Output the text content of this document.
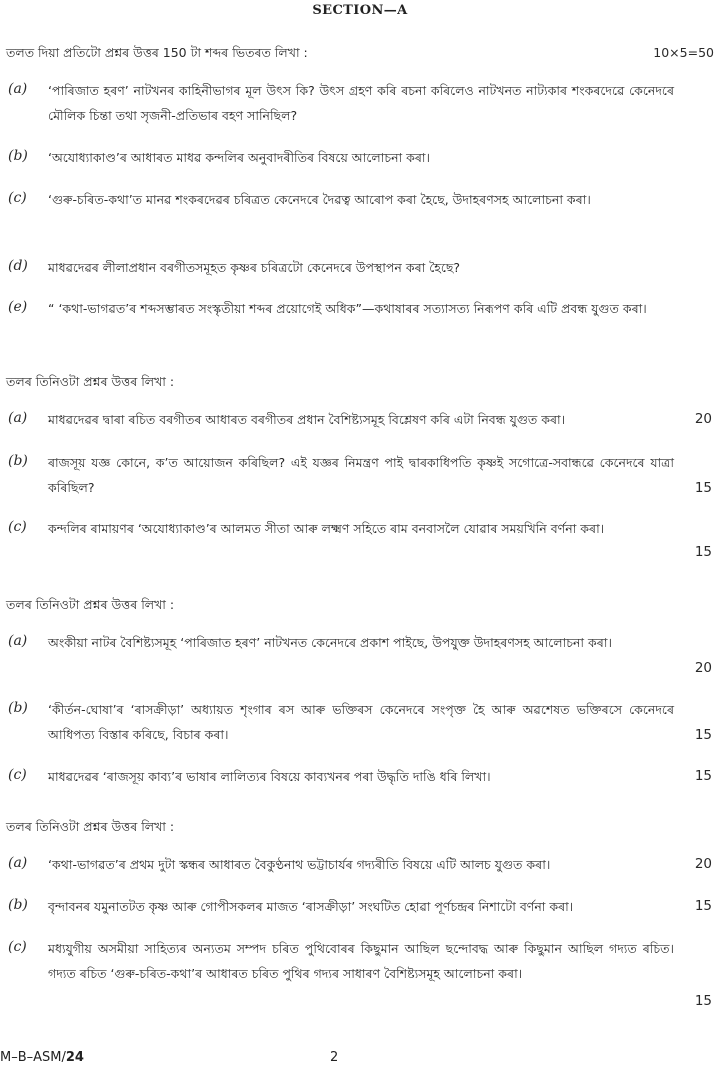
SECTION—A
তলত দিয়া প্ৰতিটো প্ৰশ্নৰ উত্তৰ 150 টা শব্দৰ ভিতৰত লিখা :	10×5=50
(a)	‘পাৰিজাত হৰণ’ নাটখনৰ কাহিনীভাগৰ মূল উৎস কি? উৎস গ্ৰহণ কৰি ৰচনা কৰিলেও নাটখনত নাট্যকাৰ শংকৰদেৱে কেনেদৰে মৌলিক চিন্তা তথা সৃজনী-প্ৰতিভাৰ বহণ সানিছিল?
(b)	‘অযোধ্যাকাণ্ড’ৰ আধাৰত মাধৱ কন্দলিৰ অনুবাদৰীতিৰ বিষয়ে আলোচনা কৰা।
(c)	‘গুৰু-চৰিত-কথা’ত মানৱ শংকৰদেৱৰ চৰিত্ৰত কেনেদৰে দৈৱত্ব আৰোপ কৰা হৈছে, উদাহৰণসহ আলোচনা কৰা।
(d)	মাধৱদেৱৰ লীলাপ্ৰধান বৰগীতসমূহত কৃষ্ণৰ চৰিত্ৰটো কেনেদৰে উপস্থাপন কৰা হৈছে?
(e)	“ ‘কথা-ভাগৱত’ৰ শব্দসম্ভাৰত সংস্কৃতীয়া শব্দৰ প্ৰয়োগেই অধিক”—কথাষাৰৰ সত্যাসত্য নিৰূপণ কৰি এটি প্ৰবন্ধ যুগুত কৰা।
তলৰ তিনিওটা প্ৰশ্নৰ উত্তৰ লিখা :
(a)	মাধৱদেৱৰ দ্বাৰা ৰচিত বৰগীতৰ আধাৰত বৰগীতৰ প্ৰধান বৈশিষ্ট্যসমূহ বিশ্লেষণ কৰি এটা নিবন্ধ যুগুত কৰা।	20
(b)	ৰাজসূয় যজ্ঞ কোনে, ক’ত আয়োজন কৰিছিল? এই যজ্ঞৰ নিমন্ত্ৰণ পাই দ্বাৰকাধিপতি কৃষ্ণই সগোত্ৰে-সবান্ধৱে কেনেদৰে যাত্ৰা কৰিছিল?	15
(c)	কন্দলিৰ ৰামায়ণৰ ‘অযোধ্যাকাণ্ড’ৰ আলমত সীতা আৰু লক্ষ্মণ সহিতে ৰাম বনবাসলৈ যোৱাৰ সময়খিনি বৰ্ণনা কৰা।
15
তলৰ তিনিওটা প্ৰশ্নৰ উত্তৰ লিখা :
(a)	অংকীয়া নাটৰ বৈশিষ্ট্যসমূহ ‘পাৰিজাত হৰণ’ নাটখনত কেনেদৰে প্ৰকাশ পাইছে, উপযুক্ত উদাহৰণসহ আলোচনা কৰা।
20
(b)	‘কীৰ্তন-ঘোষা’ৰ ‘ৰাসক্ৰীড়া’ অধ্যায়ত শৃংগাৰ ৰস আৰু ভক্তিৰস কেনেদৰে সংপৃক্ত হৈ আৰু অৱশেষত ভক্তিৰসে কেনেদৰে আধিপত্য বিস্তাৰ কৰিছে, বিচাৰ কৰা।	15
(c)	মাধৱদেৱৰ ‘ৰাজসূয় কাব্য’ৰ ভাষাৰ লালিত্যৰ বিষয়ে কাব্যখনৰ পৰা উদ্ধৃতি দাঙি ধৰি লিখা।	15
তলৰ তিনিওটা প্ৰশ্নৰ উত্তৰ লিখা :
(a)	‘কথা-ভাগৱত’ৰ প্ৰথম দুটা স্কন্ধৰ আধাৰত বৈকুণ্ঠনাথ ভট্টাচাৰ্যৰ গদ্যৰীতি বিষয়ে এটি আলচ যুগুত কৰা।	20
(b)	বৃন্দাবনৰ যমুনাতটত কৃষ্ণ আৰু গোপীসকলৰ মাজত ‘ৰাসক্ৰীড়া’ সংঘটিত হোৱা পূৰ্ণচন্দ্ৰৰ নিশাটো বৰ্ণনা কৰা।	15
(c)	মধ্যযুগীয় অসমীয়া সাহিত্যৰ অন্যতম সম্পদ চৰিত পুথিবোৰৰ কিছুমান আছিল ছন্দোবদ্ধ আৰু কিছুমান আছিল গদ্যত ৰচিত। গদ্যত ৰচিত ‘গুৰু-চৰিত-কথা’ৰ আধাৰত চৰিত পুথিৰ গদ্যৰ সাধাৰণ বৈশিষ্ট্যসমূহ আলোচনা কৰা।
15
M–B–ASM/24	2
